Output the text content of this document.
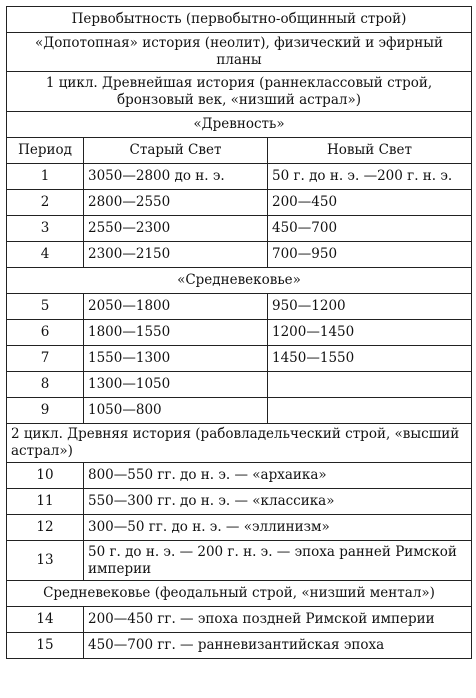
Первобытность (первобытно-общинный строй)		
«Допотопная» история (неолит), физический и эфирный планы		
1 цикл. Древнейшая история (раннеклассовый строй, бронзовый век, «низший астрал»)		
«Древность»		
Период	Старый Свет	Новый Свет
1	3050—2800 до н. э.	50 г. до н. э. —200 г. н. э.
2	2800—2550	200—450
3	2550—2300	450—700
4	2300—2150	700—950
«Средневековье»		
5	2050—1800	950—1200
6	1800—1550	1200—1450
7	1550—1300	1450—1550
8	1300—1050	
9	1050—800	
2 цикл. Древняя история (рабовладельческий строй, «высший астрал»)		
10	800—550 гг. до н. э. — «архаика»	
11	550—300 гг. до н. э. — «классика»	
12	300—50 гг. до н. э. — «эллинизм»	
13	50 г. до н. э. — 200 г. н. э. — эпоха ранней Римской империи	
Средневековье (феодальный строй, «низший ментал»)		
14	200—450 гг. — эпоха поздней Римской империи	
15	450—700 гг. — ранневизантийская эпоха	
